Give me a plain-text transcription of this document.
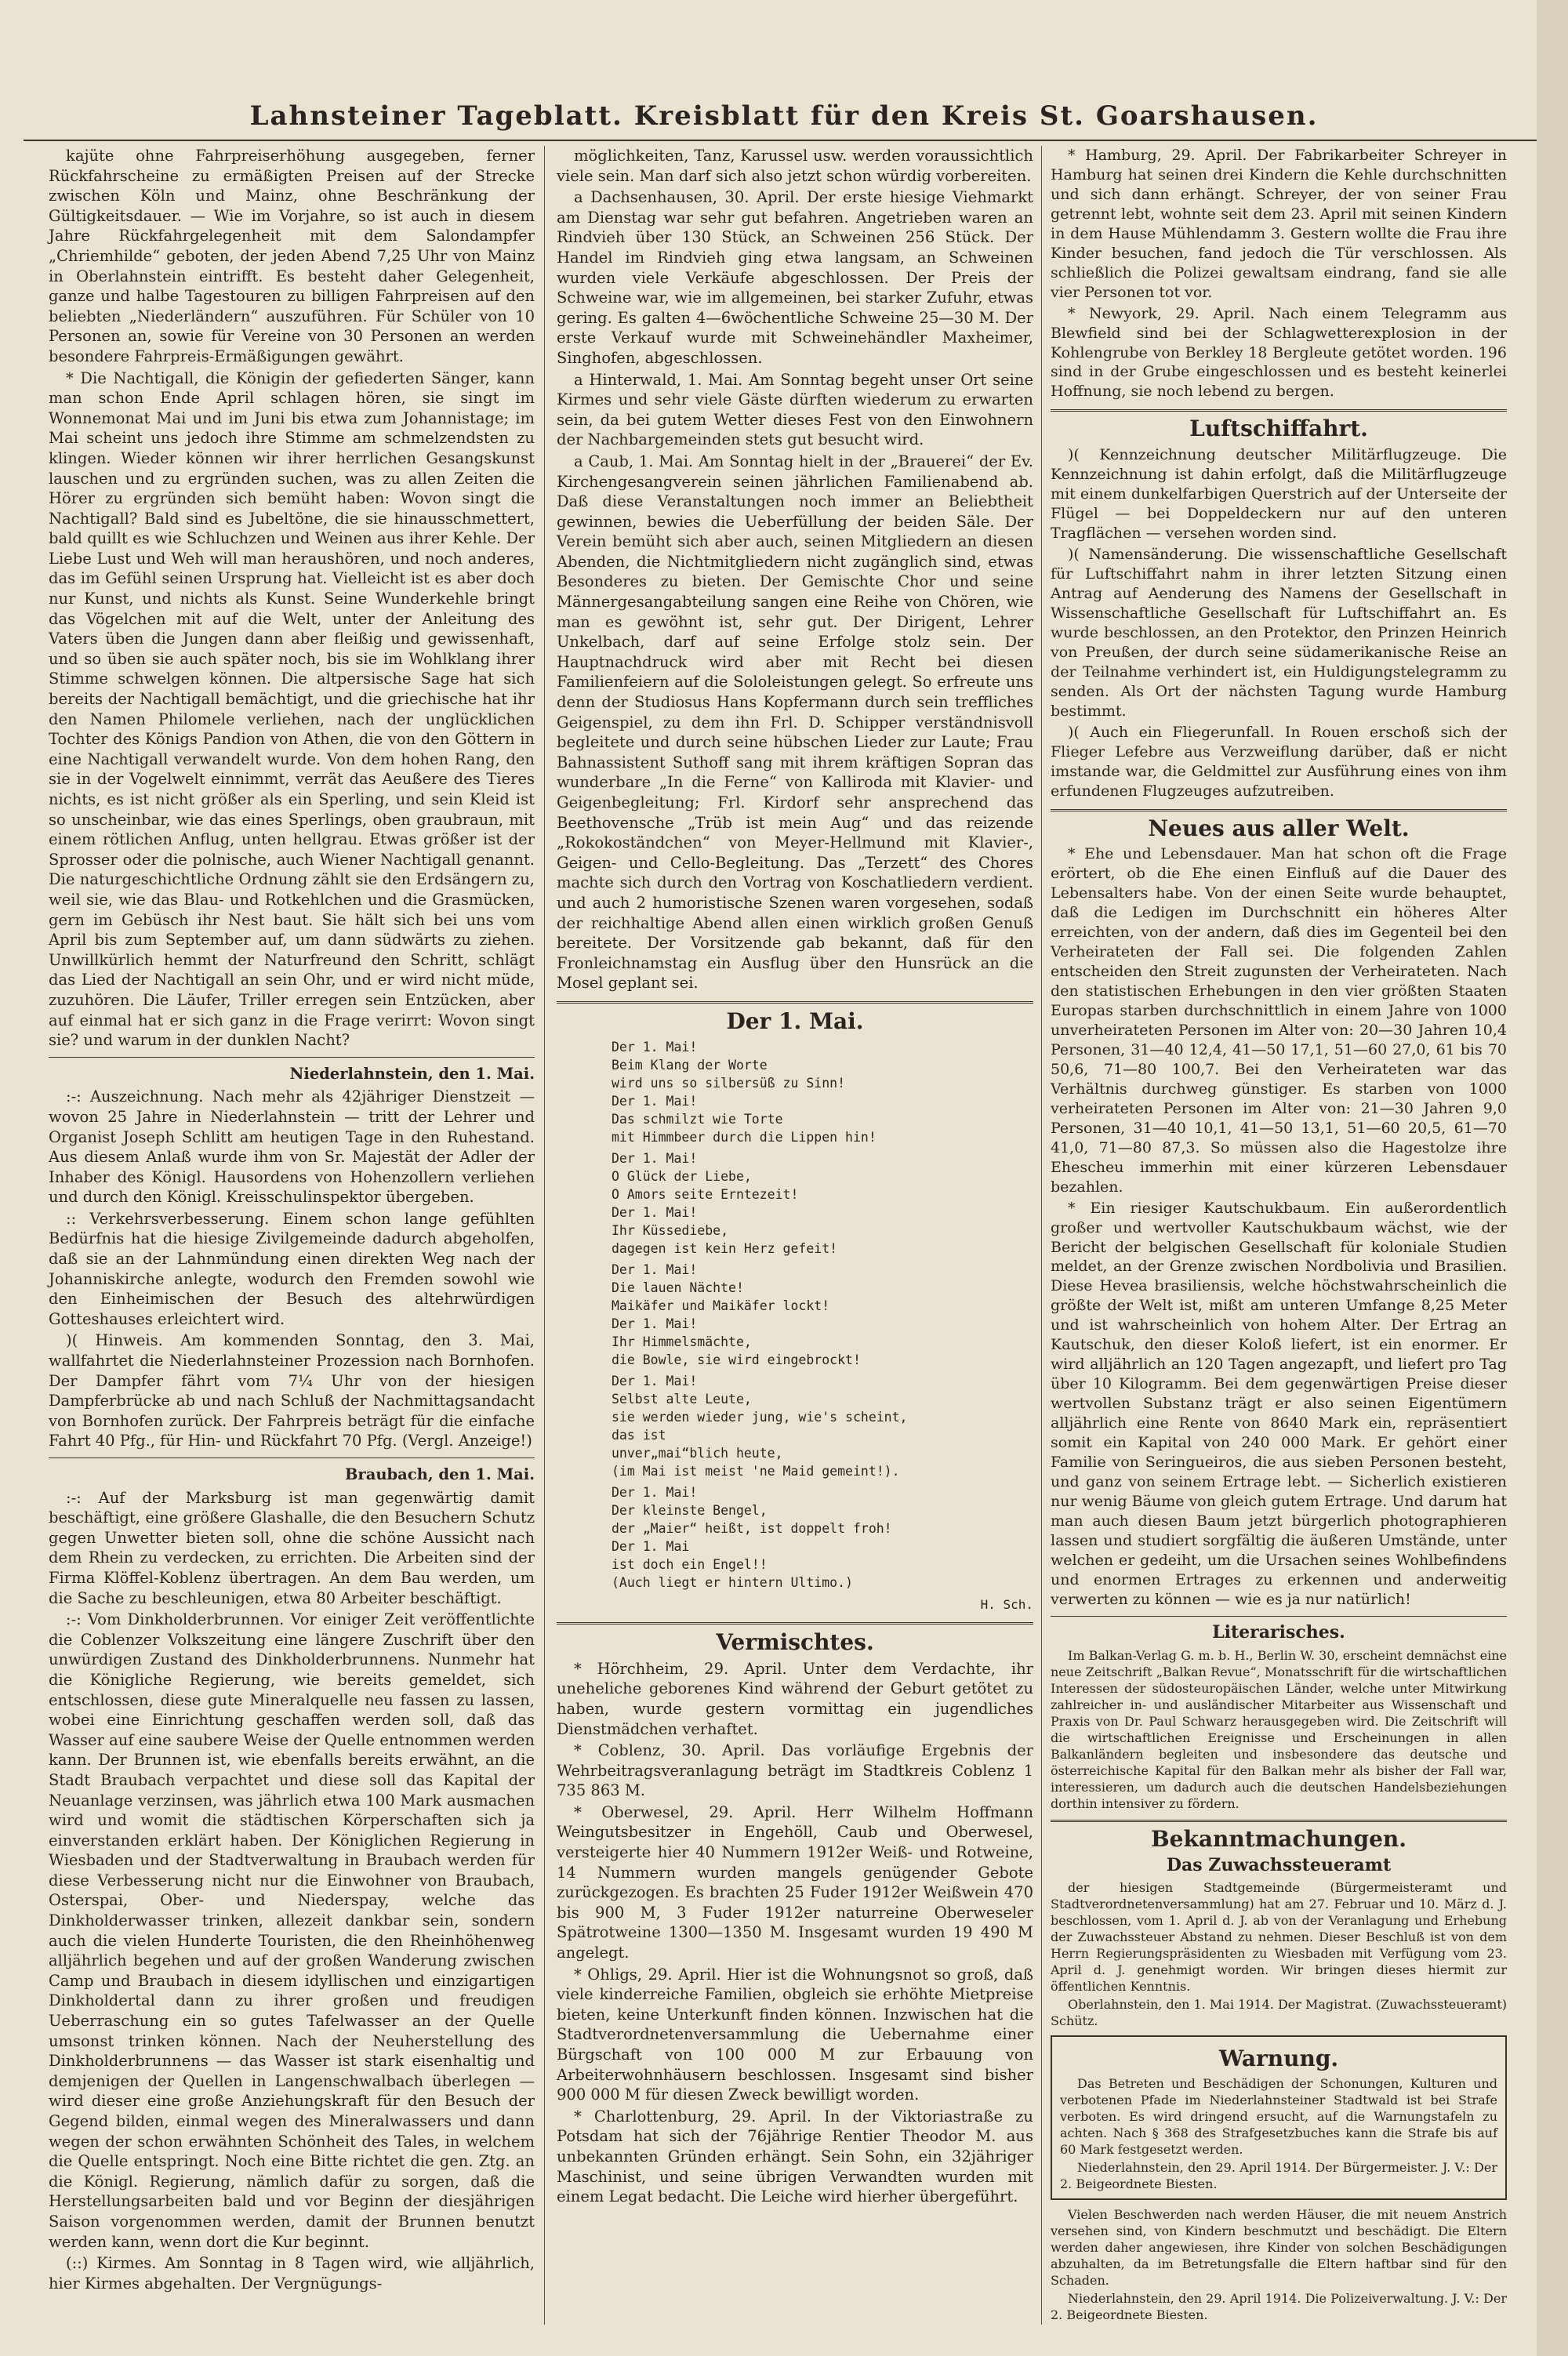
Lahnsteiner Tageblatt. Kreisblatt für den Kreis St. Goarshausen.

kajüte ohne Fahrpreiserhöhung ausgegeben, ferner Rückfahrscheine zu ermäßigten Preisen auf der Strecke zwischen Köln und Mainz, ohne Beschränkung der Gültigkeitsdauer. — Wie im Vorjahre, so ist auch in diesem Jahre Rückfahrgelegenheit mit dem Salondampfer „Chriemhilde“ geboten, der jeden Abend 7,25 Uhr von Mainz in Oberlahnstein eintrifft. Es besteht daher Gelegenheit, ganze und halbe Tagestouren zu billigen Fahrpreisen auf den beliebten „Niederländern“ auszuführen. Für Schüler von 10 Personen an, sowie für Vereine von 30 Personen an werden besondere Fahrpreis-Ermäßigungen gewährt.

* Die Nachtigall, die Königin der gefiederten Sänger, kann man schon Ende April schlagen hören, sie singt im Wonnemonat Mai und im Juni bis etwa zum Johannistage; im Mai scheint uns jedoch ihre Stimme am schmelzendsten zu klingen. Wieder können wir ihrer herrlichen Gesangskunst lauschen und zu ergründen suchen, was zu allen Zeiten die Hörer zu ergründen sich bemüht haben: Wovon singt die Nachtigall? Bald sind es Jubeltöne, die sie hinausschmettert, bald quillt es wie Schluchzen und Weinen aus ihrer Kehle. Der Liebe Lust und Weh will man heraushören, und noch anderes, das im Gefühl seinen Ursprung hat. Vielleicht ist es aber doch nur Kunst, und nichts als Kunst. Seine Wunderkehle bringt das Vögelchen mit auf die Welt, unter der Anleitung des Vaters üben die Jungen dann aber fleißig und gewissenhaft, und so üben sie auch später noch, bis sie im Wohlklang ihrer Stimme schwelgen können. Die altpersische Sage hat sich bereits der Nachtigall bemächtigt, und die griechische hat ihr den Namen Philomele verliehen, nach der unglücklichen Tochter des Königs Pandion von Athen, die von den Göttern in eine Nachtigall verwandelt wurde. Von dem hohen Rang, den sie in der Vogelwelt einnimmt, verrät das Aeußere des Tieres nichts, es ist nicht größer als ein Sperling, und sein Kleid ist so unscheinbar, wie das eines Sperlings, oben graubraun, mit einem rötlichen Anflug, unten hellgrau. Etwas größer ist der Sprosser oder die polnische, auch Wiener Nachtigall genannt. Die naturgeschichtliche Ordnung zählt sie den Erdsängern zu, weil sie, wie das Blau- und Rotkehlchen und die Grasmücken, gern im Gebüsch ihr Nest baut. Sie hält sich bei uns vom April bis zum September auf, um dann südwärts zu ziehen. Unwillkürlich hemmt der Naturfreund den Schritt, schlägt das Lied der Nachtigall an sein Ohr, und er wird nicht müde, zuzuhören. Die Läufer, Triller erregen sein Entzücken, aber auf einmal hat er sich ganz in die Frage verirrt: Wovon singt sie? und warum in der dunklen Nacht?

Niederlahnstein, den 1. Mai.

:-: Auszeichnung. Nach mehr als 42jähriger Dienstzeit — wovon 25 Jahre in Niederlahnstein — tritt der Lehrer und Organist Joseph Schlitt am heutigen Tage in den Ruhestand. Aus diesem Anlaß wurde ihm von Sr. Majestät der Adler der Inhaber des Königl. Hausordens von Hohenzollern verliehen und durch den Königl. Kreisschulinspektor übergeben.

:: Verkehrsverbesserung. Einem schon lange gefühlten Bedürfnis hat die hiesige Zivilgemeinde dadurch abgeholfen, daß sie an der Lahnmündung einen direkten Weg nach der Johanniskirche anlegte, wodurch den Fremden sowohl wie den Einheimischen der Besuch des altehrwürdigen Gotteshauses erleichtert wird.

)( Hinweis. Am kommenden Sonntag, den 3. Mai, wallfahrtet die Niederlahnsteiner Prozession nach Bornhofen. Der Dampfer fährt vom 7¼ Uhr von der hiesigen Dampferbrücke ab und nach Schluß der Nachmittagsandacht von Bornhofen zurück. Der Fahrpreis beträgt für die einfache Fahrt 40 Pfg., für Hin- und Rückfahrt 70 Pfg. (Vergl. Anzeige!)

Braubach, den 1. Mai.

:-: Auf der Marksburg ist man gegenwärtig damit beschäftigt, eine größere Glashalle, die den Besuchern Schutz gegen Unwetter bieten soll, ohne die schöne Aussicht nach dem Rhein zu verdecken, zu errichten. Die Arbeiten sind der Firma Klöffel-Koblenz übertragen. An dem Bau werden, um die Sache zu beschleunigen, etwa 80 Arbeiter beschäftigt.

:-: Vom Dinkholderbrunnen. Vor einiger Zeit veröffentlichte die Coblenzer Volkszeitung eine längere Zuschrift über den unwürdigen Zustand des Dinkholderbrunnens. Nunmehr hat die Königliche Regierung, wie bereits gemeldet, sich entschlossen, diese gute Mineralquelle neu fassen zu lassen, wobei eine Einrichtung geschaffen werden soll, daß das Wasser auf eine saubere Weise der Quelle entnommen werden kann. Der Brunnen ist, wie ebenfalls bereits erwähnt, an die Stadt Braubach verpachtet und diese soll das Kapital der Neuanlage verzinsen, was jährlich etwa 100 Mark ausmachen wird und womit die städtischen Körperschaften sich ja einverstanden erklärt haben. Der Königlichen Regierung in Wiesbaden und der Stadtverwaltung in Braubach werden für diese Verbesserung nicht nur die Einwohner von Braubach, Osterspai, Ober- und Niederspay, welche das Dinkholderwasser trinken, allezeit dankbar sein, sondern auch die vielen Hunderte Touristen, die den Rheinhöhenweg alljährlich begehen und auf der großen Wanderung zwischen Camp und Braubach in diesem idyllischen und einzigartigen Dinkholdertal dann zu ihrer großen und freudigen Ueberraschung ein so gutes Tafelwasser an der Quelle umsonst trinken können. Nach der Neuherstellung des Dinkholderbrunnens — das Wasser ist stark eisenhaltig und demjenigen der Quellen in Langenschwalbach überlegen — wird dieser eine große Anziehungskraft für den Besuch der Gegend bilden, einmal wegen des Mineralwassers und dann wegen der schon erwähnten Schönheit des Tales, in welchem die Quelle entspringt. Noch eine Bitte richtet die gen. Ztg. an die Königl. Regierung, nämlich dafür zu sorgen, daß die Herstellungsarbeiten bald und vor Beginn der diesjährigen Saison vorgenommen werden, damit der Brunnen benutzt werden kann, wenn dort die Kur beginnt.

(::) Kirmes. Am Sonntag in 8 Tagen wird, wie alljährlich, hier Kirmes abgehalten. Der Vergnügungs-

möglichkeiten, Tanz, Karussel usw. werden voraussichtlich viele sein. Man darf sich also jetzt schon würdig vorbereiten.

a Dachsenhausen, 30. April. Der erste hiesige Viehmarkt am Dienstag war sehr gut befahren. Angetrieben waren an Rindvieh über 130 Stück, an Schweinen 256 Stück. Der Handel im Rindvieh ging etwa langsam, an Schweinen wurden viele Verkäufe abgeschlossen. Der Preis der Schweine war, wie im allgemeinen, bei starker Zufuhr, etwas gering. Es galten 4—6wöchentliche Schweine 25—30 M. Der erste Verkauf wurde mit Schweinehändler Maxheimer, Singhofen, abgeschlossen.

a Hinterwald, 1. Mai. Am Sonntag begeht unser Ort seine Kirmes und sehr viele Gäste dürften wiederum zu erwarten sein, da bei gutem Wetter dieses Fest von den Einwohnern der Nachbargemeinden stets gut besucht wird.

a Caub, 1. Mai. Am Sonntag hielt in der „Brauerei“ der Ev. Kirchengesangverein seinen jährlichen Familienabend ab. Daß diese Veranstaltungen noch immer an Beliebtheit gewinnen, bewies die Ueberfüllung der beiden Säle. Der Verein bemüht sich aber auch, seinen Mitgliedern an diesen Abenden, die Nichtmitgliedern nicht zugänglich sind, etwas Besonderes zu bieten. Der Gemischte Chor und seine Männergesangabteilung sangen eine Reihe von Chören, wie man es gewöhnt ist, sehr gut. Der Dirigent, Lehrer Unkelbach, darf auf seine Erfolge stolz sein. Der Hauptnachdruck wird aber mit Recht bei diesen Familienfeiern auf die Sololeistungen gelegt. So erfreute uns denn der Studiosus Hans Kopfermann durch sein treffliches Geigenspiel, zu dem ihn Frl. D. Schipper verständnisvoll begleitete und durch seine hübschen Lieder zur Laute; Frau Bahnassistent Suthoff sang mit ihrem kräftigen Sopran das wunderbare „In die Ferne“ von Kalliroda mit Klavier- und Geigenbegleitung; Frl. Kirdorf sehr ansprechend das Beethovensche „Trüb ist mein Aug“ und das reizende „Rokokoständchen“ von Meyer-Hellmund mit Klavier-, Geigen- und Cello-Begleitung. Das „Terzett“ des Chores machte sich durch den Vortrag von Koschatliedern verdient. und auch 2 humoristische Szenen waren vorgesehen, sodaß der reichhaltige Abend allen einen wirklich großen Genuß bereitete. Der Vorsitzende gab bekannt, daß für den Fronleichnamstag ein Ausflug über den Hunsrück an die Mosel geplant sei.

Der 1. Mai.
Der 1. Mai!
Beim Klang der Worte
wird uns so silbersüß zu Sinn!
Der 1. Mai!
Das schmilzt wie Torte
mit Himmbeer durch die Lippen hin!
Der 1. Mai!
O Glück der Liebe,
O Amors seite Erntezeit!
Der 1. Mai!
Ihr Küssediebe,
dagegen ist kein Herz gefeit!
Der 1. Mai!
Die lauen Nächte!
Maikäfer und Maikäfer lockt!
Der 1. Mai!
Ihr Himmelsmächte,
die Bowle, sie wird eingebrockt!
Der 1. Mai!
Selbst alte Leute,
sie werden wieder jung, wie's scheint,
das ist
unver„mai“blich heute,
(im Mai ist meist 'ne Maid gemeint!).
Der 1. Mai!
Der kleinste Bengel,
der „Maier“ heißt, ist doppelt froh!
Der 1. Mai
ist doch ein Engel!!
(Auch liegt er hintern Ultimo.)
H. Sch.
Vermischtes.

* Hörchheim, 29. April. Unter dem Verdachte, ihr uneheliche geborenes Kind während der Geburt getötet zu haben, wurde gestern vormittag ein jugendliches Dienstmädchen verhaftet.

* Coblenz, 30. April. Das vorläufige Ergebnis der Wehrbeitragsveranlagung beträgt im Stadtkreis Coblenz 1 735 863 M.

* Oberwesel, 29. April. Herr Wilhelm Hoffmann Weingutsbesitzer in Engehöll, Caub und Oberwesel, versteigerte hier 40 Nummern 1912er Weiß- und Rotweine, 14 Nummern wurden mangels genügender Gebote zurückgezogen. Es brachten 25 Fuder 1912er Weißwein 470 bis 900 M, 3 Fuder 1912er naturreine Oberweseler Spätrotweine 1300—1350 M. Insgesamt wurden 19 490 M angelegt.

* Ohligs, 29. April. Hier ist die Wohnungsnot so groß, daß viele kinderreiche Familien, obgleich sie erhöhte Mietpreise bieten, keine Unterkunft finden können. Inzwischen hat die Stadtverordnetenversammlung die Uebernahme einer Bürgschaft von 100 000 M zur Erbauung von Arbeiterwohnhäusern beschlossen. Insgesamt sind bisher 900 000 M für diesen Zweck bewilligt worden.

* Charlottenburg, 29. April. In der Viktoriastraße zu Potsdam hat sich der 76jährige Rentier Theodor M. aus unbekannten Gründen erhängt. Sein Sohn, ein 32jähriger Maschinist, und seine übrigen Verwandten wurden mit einem Legat bedacht. Die Leiche wird hierher übergeführt.

* Hamburg, 29. April. Der Fabrikarbeiter Schreyer in Hamburg hat seinen drei Kindern die Kehle durchschnitten und sich dann erhängt. Schreyer, der von seiner Frau getrennt lebt, wohnte seit dem 23. April mit seinen Kindern in dem Hause Mühlendamm 3. Gestern wollte die Frau ihre Kinder besuchen, fand jedoch die Tür verschlossen. Als schließlich die Polizei gewaltsam eindrang, fand sie alle vier Personen tot vor.

* Newyork, 29. April. Nach einem Telegramm aus Blewfield sind bei der Schlagwetterexplosion in der Kohlengrube von Berkley 18 Bergleute getötet worden. 196 sind in der Grube eingeschlossen und es besteht keinerlei Hoffnung, sie noch lebend zu bergen.

Luftschiffahrt.

)( Kennzeichnung deutscher Militärflugzeuge. Die Kennzeichnung ist dahin erfolgt, daß die Militärflugzeuge mit einem dunkelfarbigen Querstrich auf der Unterseite der Flügel — bei Doppeldeckern nur auf den unteren Tragflächen — versehen worden sind.

)( Namensänderung. Die wissenschaftliche Gesellschaft für Luftschiffahrt nahm in ihrer letzten Sitzung einen Antrag auf Aenderung des Namens der Gesellschaft in Wissenschaftliche Gesellschaft für Luftschiffahrt an. Es wurde beschlossen, an den Protektor, den Prinzen Heinrich von Preußen, der durch seine südamerikanische Reise an der Teilnahme verhindert ist, ein Huldigungstelegramm zu senden. Als Ort der nächsten Tagung wurde Hamburg bestimmt.

)( Auch ein Fliegerunfall. In Rouen erschoß sich der Flieger Lefebre aus Verzweiflung darüber, daß er nicht imstande war, die Geldmittel zur Ausführung eines von ihm erfundenen Flugzeuges aufzutreiben.

Neues aus aller Welt.

* Ehe und Lebensdauer. Man hat schon oft die Frage erörtert, ob die Ehe einen Einfluß auf die Dauer des Lebensalters habe. Von der einen Seite wurde behauptet, daß die Ledigen im Durchschnitt ein höheres Alter erreichten, von der andern, daß dies im Gegenteil bei den Verheirateten der Fall sei. Die folgenden Zahlen entscheiden den Streit zugunsten der Verheirateten. Nach den statistischen Erhebungen in den vier größten Staaten Europas starben durchschnittlich in einem Jahre von 1000 unverheirateten Personen im Alter von: 20—30 Jahren 10,4 Personen, 31—40 12,4, 41—50 17,1, 51—60 27,0, 61 bis 70 50,6, 71—80 100,7. Bei den Verheirateten war das Verhältnis durchweg günstiger. Es starben von 1000 verheirateten Personen im Alter von: 21—30 Jahren 9,0 Personen, 31—40 10,1, 41—50 13,1, 51—60 20,5, 61—70 41,0, 71—80 87,3. So müssen also die Hagestolze ihre Ehescheu immerhin mit einer kürzeren Lebensdauer bezahlen.

* Ein riesiger Kautschukbaum. Ein außerordentlich großer und wertvoller Kautschukbaum wächst, wie der Bericht der belgischen Gesellschaft für koloniale Studien meldet, an der Grenze zwischen Nordbolivia und Brasilien. Diese Hevea brasiliensis, welche höchstwahrscheinlich die größte der Welt ist, mißt am unteren Umfange 8,25 Meter und ist wahrscheinlich von hohem Alter. Der Ertrag an Kautschuk, den dieser Koloß liefert, ist ein enormer. Er wird alljährlich an 120 Tagen angezapft, und liefert pro Tag über 10 Kilogramm. Bei dem gegenwärtigen Preise dieser wertvollen Substanz trägt er also seinen Eigentümern alljährlich eine Rente von 8640 Mark ein, repräsentiert somit ein Kapital von 240 000 Mark. Er gehört einer Familie von Seringueiros, die aus sieben Personen besteht, und ganz von seinem Ertrage lebt. — Sicherlich existieren nur wenig Bäume von gleich gutem Ertrage. Und darum hat man auch diesen Baum jetzt bürgerlich photographieren lassen und studiert sorgfältig die äußeren Umstände, unter welchen er gedeiht, um die Ursachen seines Wohlbefindens und enormen Ertrages zu erkennen und anderweitig verwerten zu können — wie es ja nur natürlich!

Literarisches.

Im Balkan-Verlag G. m. b. H., Berlin W. 30, erscheint demnächst eine neue Zeitschrift „Balkan Revue“, Monatsschrift für die wirtschaftlichen Interessen der südosteuropäischen Länder, welche unter Mitwirkung zahlreicher in- und ausländischer Mitarbeiter aus Wissenschaft und Praxis von Dr. Paul Schwarz herausgegeben wird. Die Zeitschrift will die wirtschaftlichen Ereignisse und Erscheinungen in allen Balkanländern begleiten und insbesondere das deutsche und österreichische Kapital für den Balkan mehr als bisher der Fall war, interessieren, um dadurch auch die deutschen Handelsbeziehungen dorthin intensiver zu fördern.

Bekanntmachungen.
Das Zuwachssteueramt

der hiesigen Stadtgemeinde (Bürgermeisteramt und Stadtverordnetenversammlung) hat am 27. Februar und 10. März d. J. beschlossen, vom 1. April d. J. ab von der Veranlagung und Erhebung der Zuwachssteuer Abstand zu nehmen. Dieser Beschluß ist von dem Herrn Regierungspräsidenten zu Wiesbaden mit Verfügung vom 23. April d. J. genehmigt worden. Wir bringen dieses hiermit zur öffentlichen Kenntnis.

Oberlahnstein, den 1. Mai 1914. Der Magistrat. (Zuwachssteueramt) Schütz.

Warnung.

Das Betreten und Beschädigen der Schonungen, Kulturen und verbotenen Pfade im Niederlahnsteiner Stadtwald ist bei Strafe verboten. Es wird dringend ersucht, auf die Warnungstafeln zu achten. Nach § 368 des Strafgesetzbuches kann die Strafe bis auf 60 Mark festgesetzt werden.

Niederlahnstein, den 29. April 1914. Der Bürgermeister. J. V.: Der 2. Beigeordnete Biesten.

Vielen Beschwerden nach werden Häuser, die mit neuem Anstrich versehen sind, von Kindern beschmutzt und beschädigt. Die Eltern werden daher angewiesen, ihre Kinder von solchen Beschädigungen abzuhalten, da im Betretungsfalle die Eltern haftbar sind für den Schaden.

Niederlahnstein, den 29. April 1914. Die Polizeiverwaltung. J. V.: Der 2. Beigeordnete Biesten.
